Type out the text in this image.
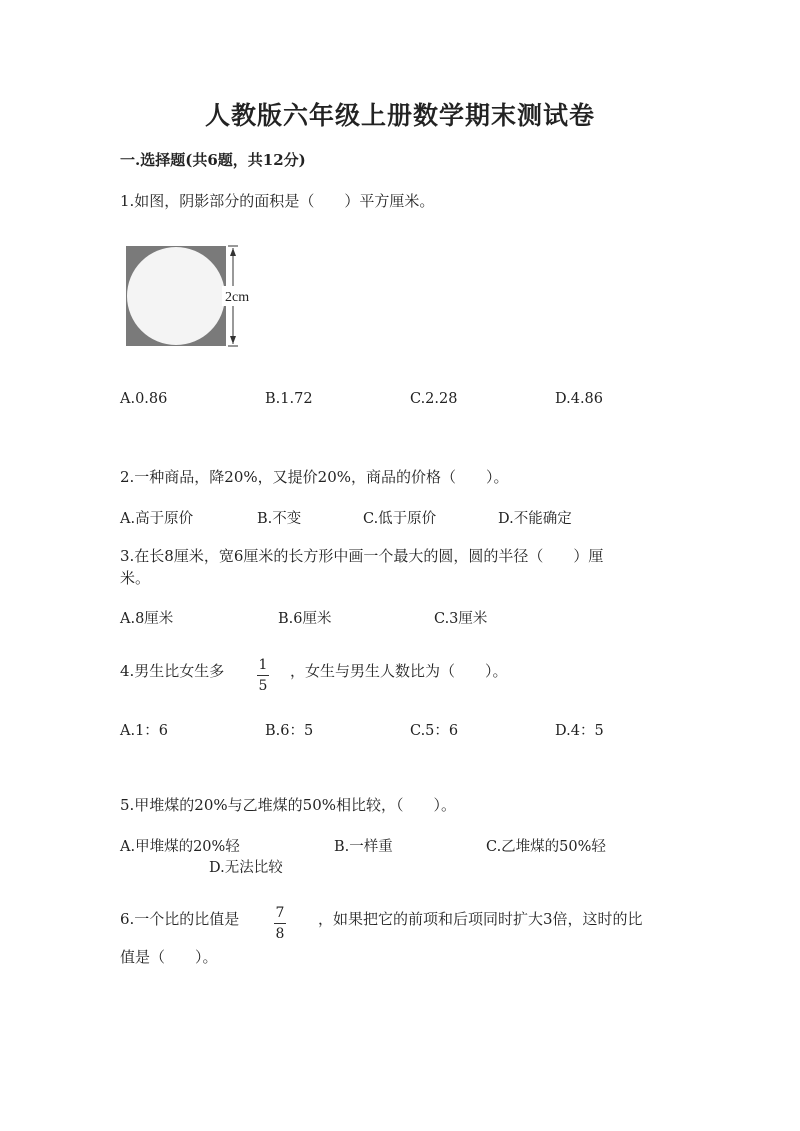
人教版六年级上册数学期末测试卷
一.选择题(共6题，共12分)
1.如图，阴影部分的面积是（　　）平方厘米。
2cm
A.0.86	B.1.72	C.2.28	D.4.86
2.一种商品，降20%，又提价20%，商品的价格（　　）。
A.高于原价	B.不变	C.低于原价	D.不能确定
3.在长8厘米，宽6厘米的长方形中画一个最大的圆，圆的半径（　　）厘
米。
A.8厘米	B.6厘米	C.3厘米
4.男生比女生多 $\frac{1}{5}$ ，女生与男生人数比为（　　）。
A.1：6	B.6：5	C.5：6	D.4：5
5.甲堆煤的20%与乙堆煤的50%相比较，（　　）。
A.甲堆煤的20%轻	B.一样重	C.乙堆煤的50%轻
D.无法比较
6.一个比的比值是 $\frac{7}{8}$ ，如果把它的前项和后项同时扩大3倍，这时的比
值是（　　）。
